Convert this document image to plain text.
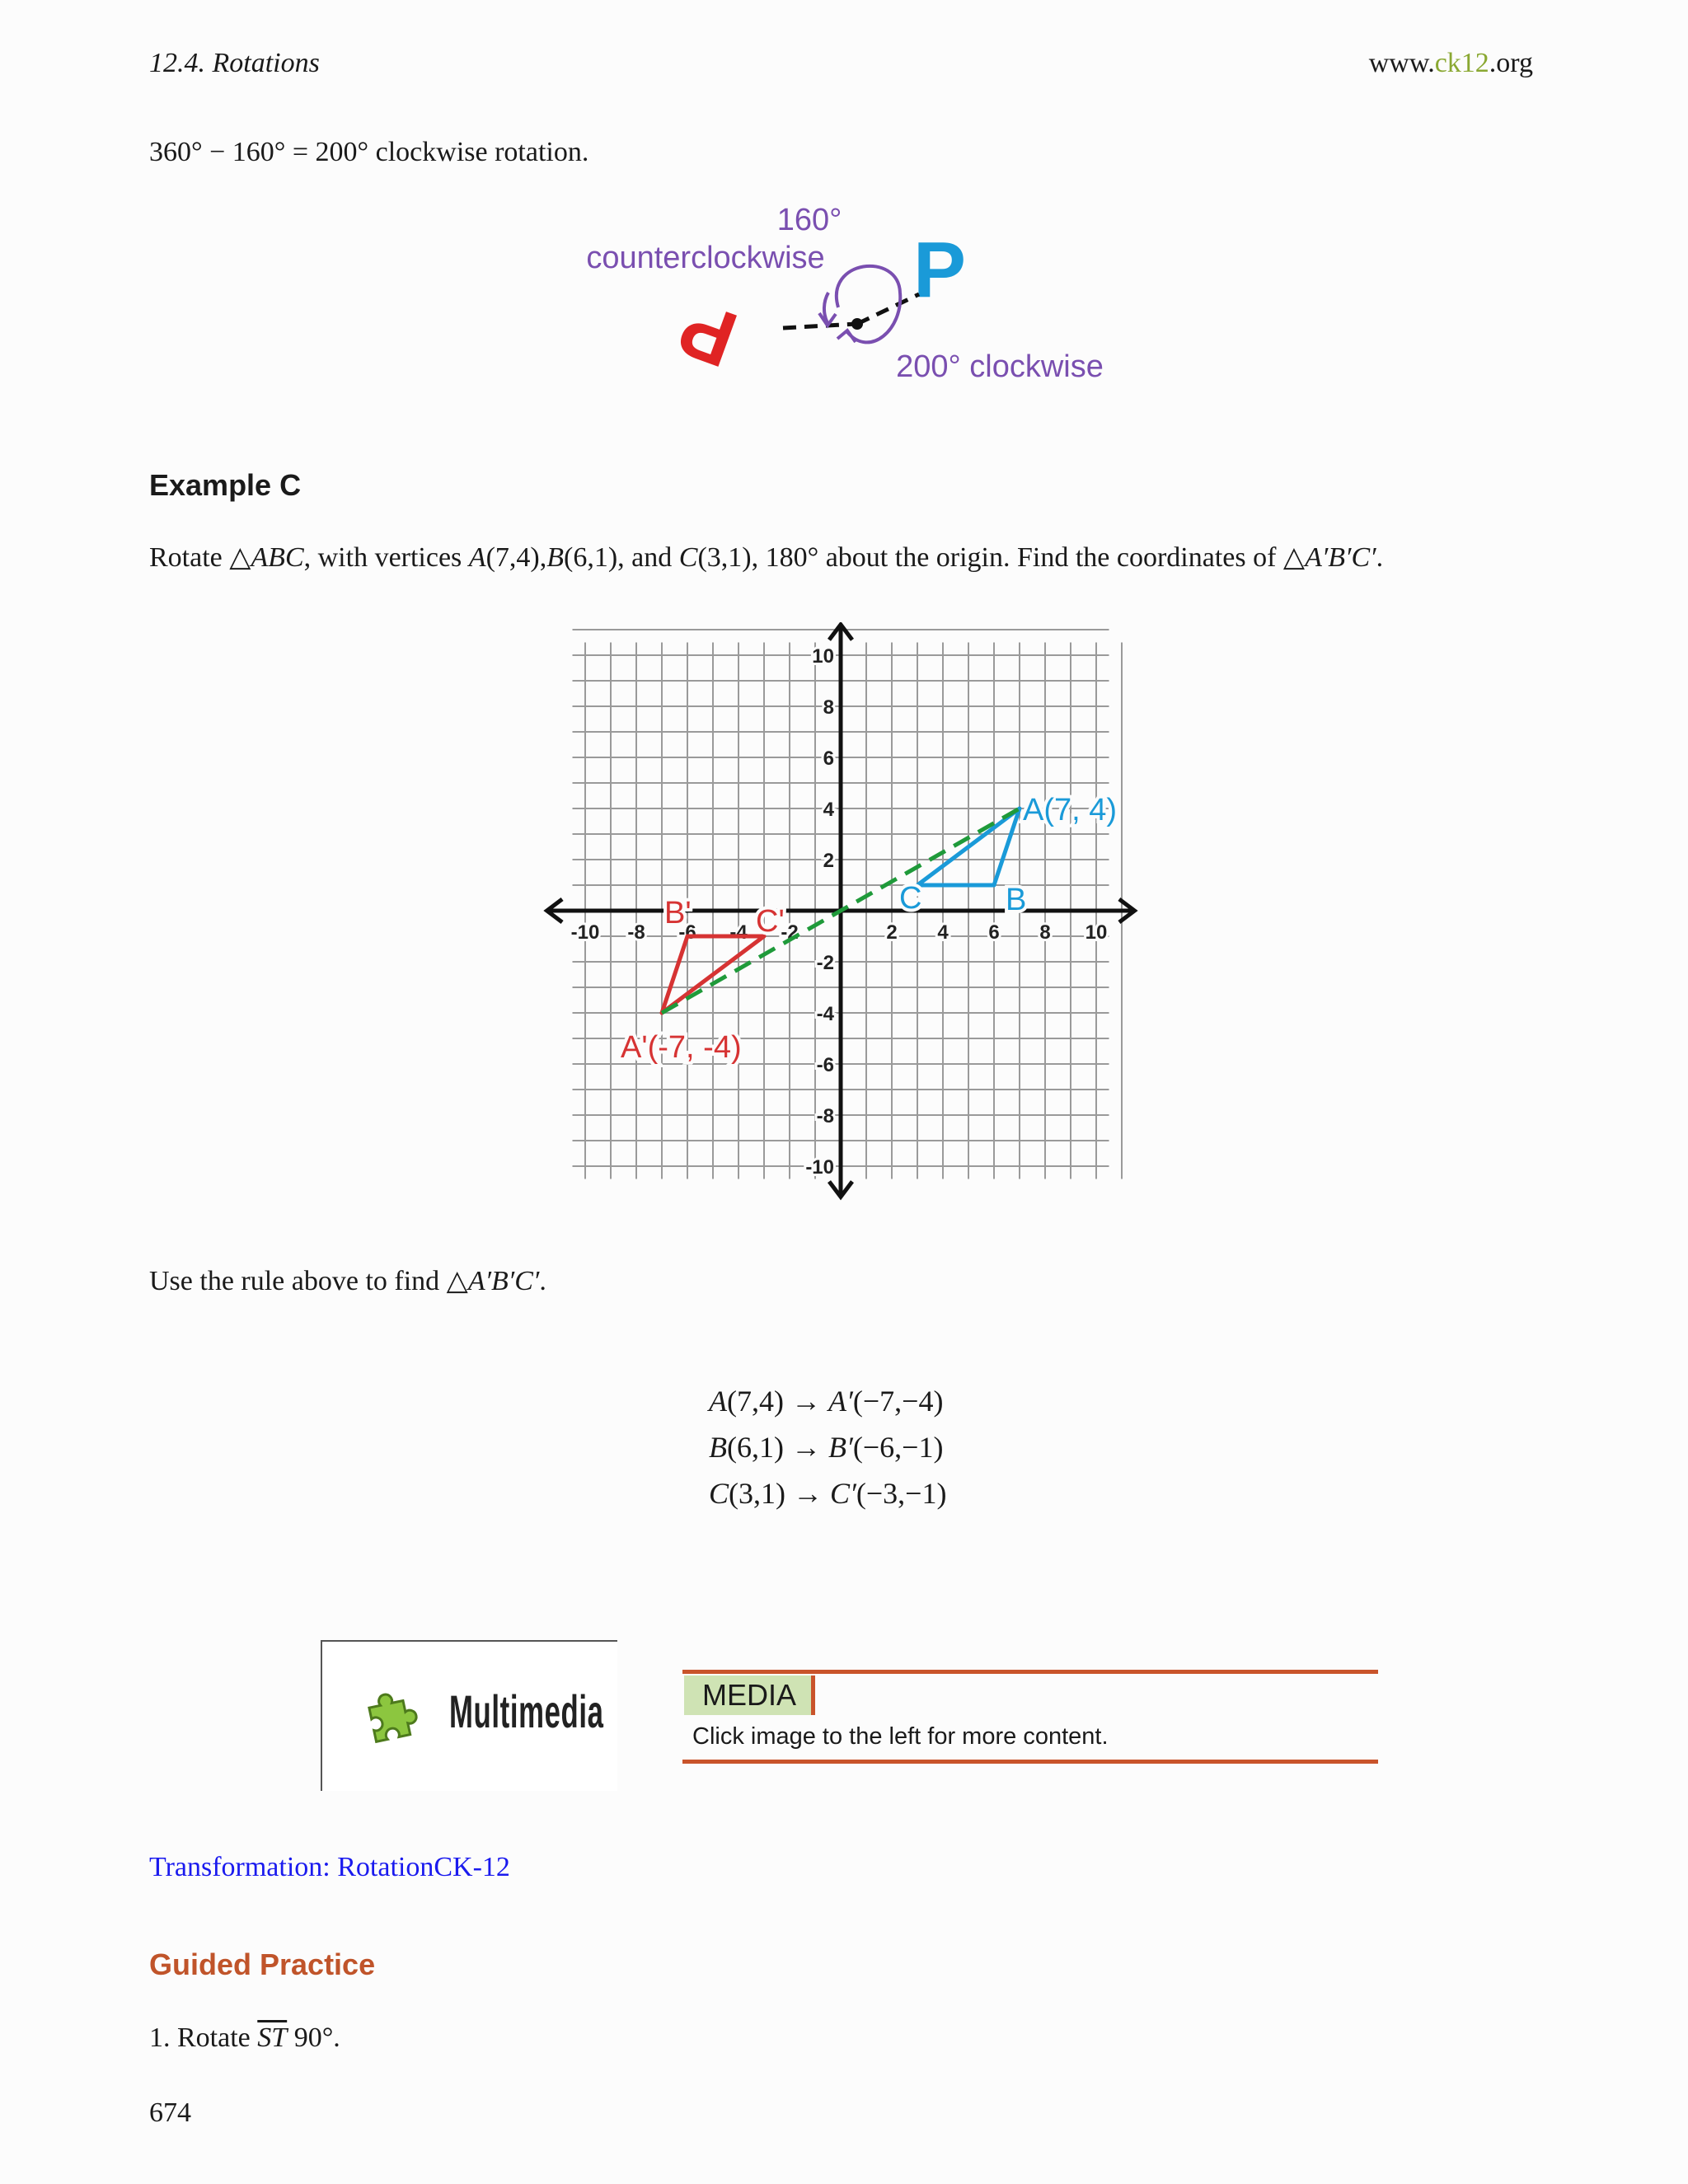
12.4. Rotations	www.ck12.org
360° − 160° = 200° clockwise rotation.
160°
counterclockwise
200° clockwise
P
P
Example C
Rotate △ABC, with vertices A(7,4),B(6,1), and C(3,1), 180° about the origin. Find the coordinates of △A′B′C′.
-10 -8 -6 -4 -2	2 4 6 8 10
10
8
6
4
2
-2
-4
-6
-8
-10
A(7, 4)
B
C
A'(-7, -4)
B' C'
Use the rule above to find △A′B′C′.
A(7,4) → A′(−7,−4)
B(6,1) → B′(−6,−1)
C(3,1) → C′(−3,−1)
Multimedia	MEDIA
Click image to the left for more content.
Transformation: RotationCK-12
Guided Practice
1. Rotate $\overline{ST}$ 90°.
674
